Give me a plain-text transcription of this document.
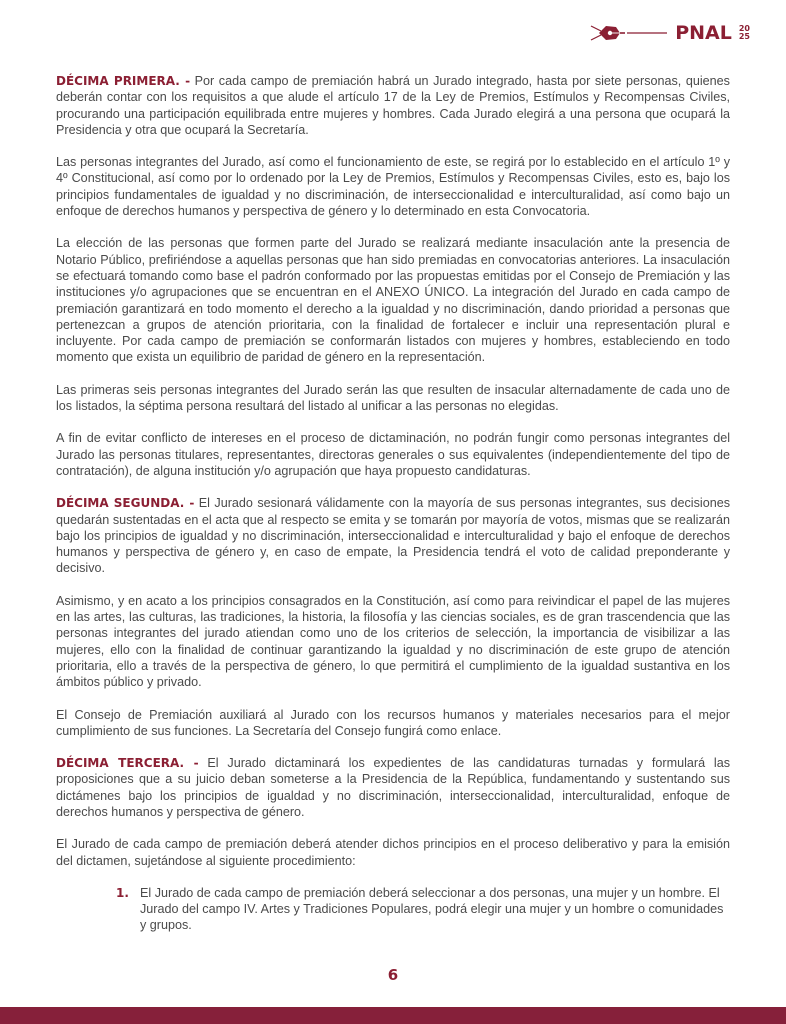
PNAL 20
25

DÉCIMA PRIMERA. - Por cada campo de premiación habrá un Jurado integrado, hasta por siete personas, quienes deberán contar con los requisitos a que alude el artículo 17 de la Ley de Premios, Estímulos y Recompensas Civiles, procurando una participación equilibrada entre mujeres y hombres. Cada Jurado elegirá a una persona que ocupará la Presidencia y otra que ocupará la Secretaría.

Las personas integrantes del Jurado, así como el funcionamiento de este, se regirá por lo establecido en el artículo 1º y 4º Constitucional, así como por lo ordenado por la Ley de Premios, Estímulos y Recompensas Civiles, esto es, bajo los principios fundamentales de igualdad y no discriminación, de interseccionalidad e interculturalidad, así como bajo un enfoque de derechos humanos y perspectiva de género y lo determinado en esta Convocatoria.

La elección de las personas que formen parte del Jurado se realizará mediante insaculación ante la presencia de Notario Público, prefiriéndose a aquellas personas que han sido premiadas en convocatorias anteriores. La insaculación se efectuará tomando como base el padrón conformado por las propuestas emitidas por el Consejo de Premiación y las instituciones y/o agrupaciones que se encuentran en el ANEXO ÚNICO. La integración del Jurado en cada campo de premiación garantizará en todo momento el derecho a la igualdad y no discriminación, dando prioridad a personas que pertenezcan a grupos de atención prioritaria, con la finalidad de fortalecer e incluir una representación plural e incluyente. Por cada campo de premiación se conformarán listados con mujeres y hombres, estableciendo en todo momento que exista un equilibrio de paridad de género en la representación.

Las primeras seis personas integrantes del Jurado serán las que resulten de insacular alternadamente de cada uno de los listados, la séptima persona resultará del listado al unificar a las personas no elegidas.

A fin de evitar conflicto de intereses en el proceso de dictaminación, no podrán fungir como personas integrantes del Jurado las personas titulares, representantes, directoras generales o sus equivalentes (independientemente del tipo de contratación), de alguna institución y/o agrupación que haya propuesto candidaturas.

DÉCIMA SEGUNDA. - El Jurado sesionará válidamente con la mayoría de sus personas integrantes, sus decisiones quedarán sustentadas en el acta que al respecto se emita y se tomarán por mayoría de votos, mismas que se realizarán bajo los principios de igualdad y no discriminación, interseccionalidad e interculturalidad y bajo el enfoque de derechos humanos y perspectiva de género y, en caso de empate, la Presidencia tendrá el voto de calidad preponderante y decisivo.

Asimismo, y en acato a los principios consagrados en la Constitución, así como para reivindicar el papel de las mujeres en las artes, las culturas, las tradiciones, la historia, la filosofía y las ciencias sociales, es de gran trascendencia que las personas integrantes del jurado atiendan como uno de los criterios de selección, la importancia de visibilizar a las mujeres, ello con la finalidad de continuar garantizando la igualdad y no discriminación de este grupo de atención prioritaria, ello a través de la perspectiva de género, lo que permitirá el cumplimiento de la igualdad sustantiva en los ámbitos público y privado.

El Consejo de Premiación auxiliará al Jurado con los recursos humanos y materiales necesarios para el mejor cumplimiento de sus funciones. La Secretaría del Consejo fungirá como enlace.

DÉCIMA TERCERA. - El Jurado dictaminará los expedientes de las candidaturas turnadas y formulará las proposiciones que a su juicio deban someterse a la Presidencia de la República, fundamentando y sustentando sus dictámenes bajo los principios de igualdad y no discriminación, interseccionalidad, interculturalidad, enfoque de derechos humanos y perspectiva de género.

El Jurado de cada campo de premiación deberá atender dichos principios en el proceso deliberativo y para la emisión del dictamen, sujetándose al siguiente procedimiento:

1. El Jurado de cada campo de premiación deberá seleccionar a dos personas, una mujer y un hombre. El Jurado del campo IV. Artes y Tradiciones Populares, podrá elegir una mujer y un hombre o comunidades y grupos.
6
